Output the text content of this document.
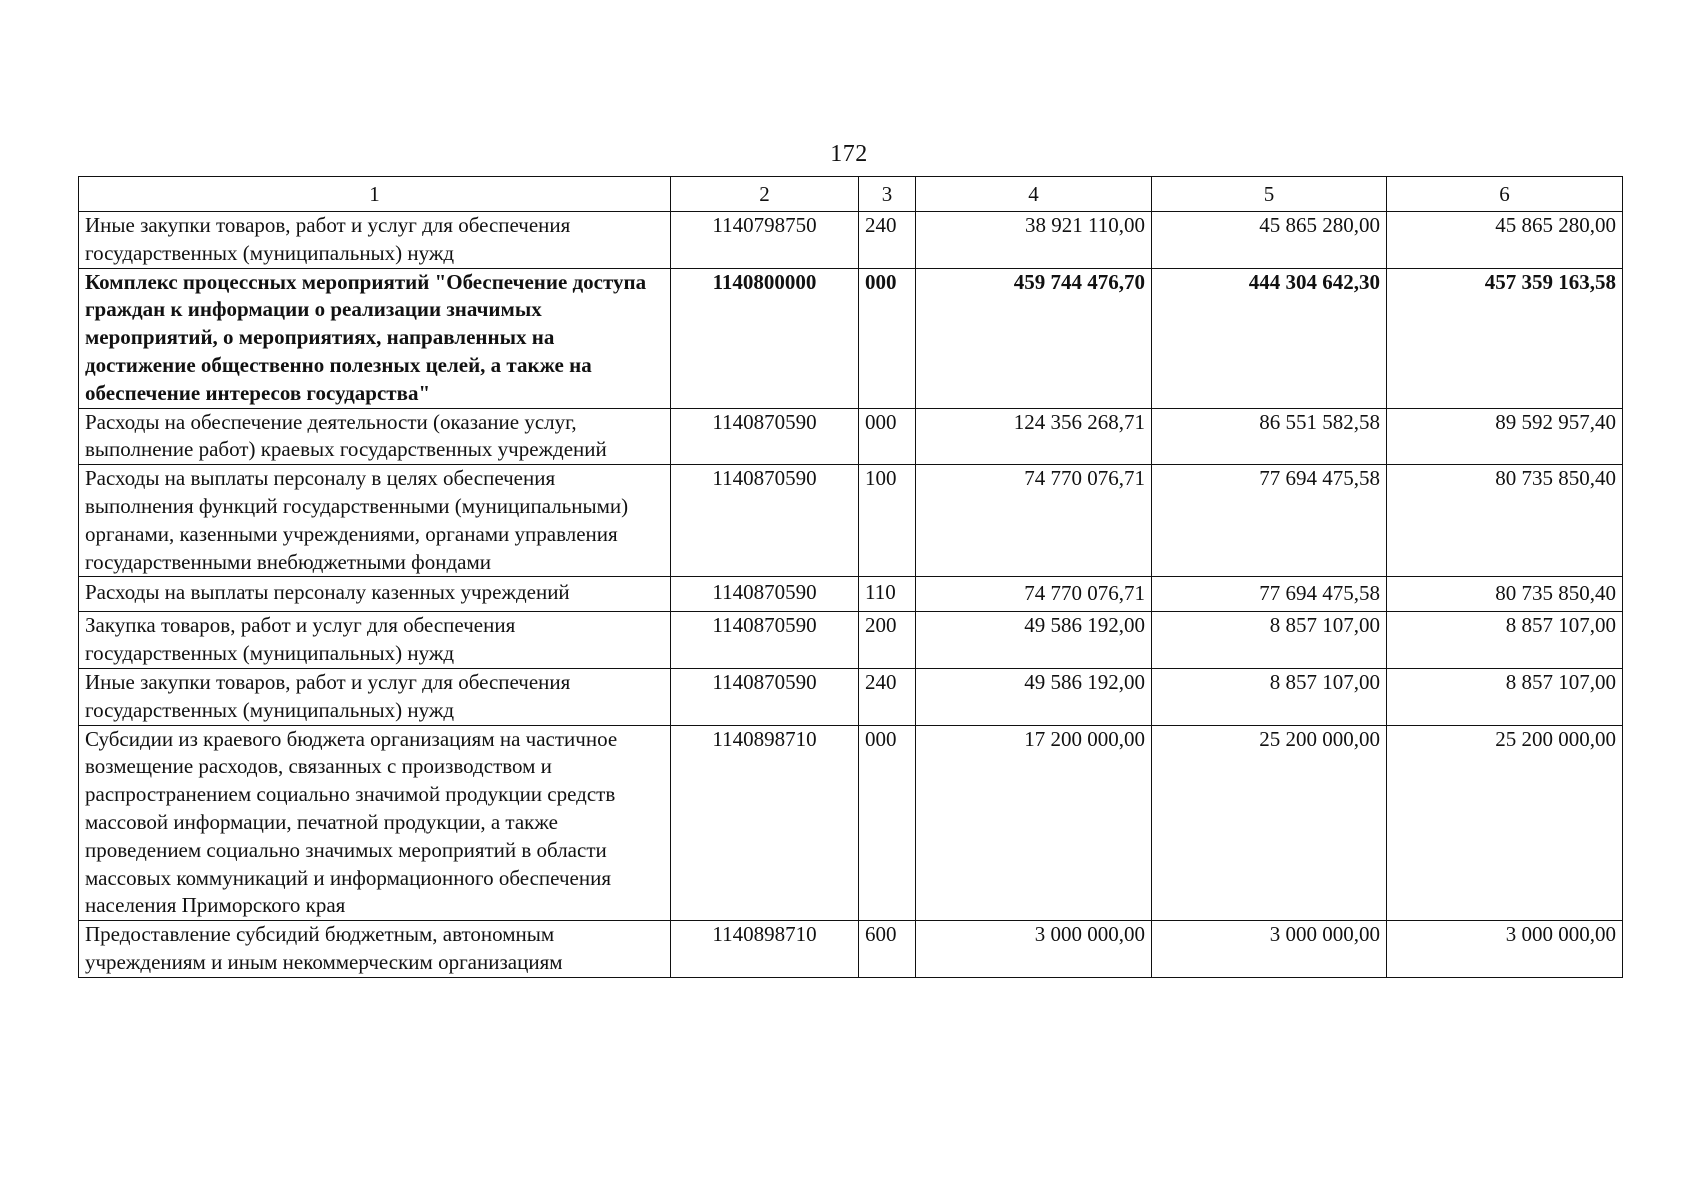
172
1	2	3	4	5	6
Иные закупки товаров, работ и услуг для обеспечения государственных (муниципальных) нужд	1140798750	240	38 921 110,00	45 865 280,00	45 865 280,00
Комплекс процессных мероприятий "Обеспечение доступа граждан к информации о реализации значимых мероприятий, о мероприятиях, направленных на достижение общественно полезных целей, а также на обеспечение интересов государства"	1140800000	000	459 744 476,70	444 304 642,30	457 359 163,58
Расходы на обеспечение деятельности (оказание услуг, выполнение работ) краевых государственных учреждений	1140870590	000	124 356 268,71	86 551 582,58	89 592 957,40
Расходы на выплаты персоналу в целях обеспечения выполнения функций государственными (муниципальными) органами, казенными учреждениями, органами управления государственными внебюджетными фондами	1140870590	100	74 770 076,71	77 694 475,58	80 735 850,40
Расходы на выплаты персоналу казенных учреждений	1140870590	110	74 770 076,71	77 694 475,58	80 735 850,40
Закупка товаров, работ и услуг для обеспечения государственных (муниципальных) нужд	1140870590	200	49 586 192,00	8 857 107,00	8 857 107,00
Иные закупки товаров, работ и услуг для обеспечения государственных (муниципальных) нужд	1140870590	240	49 586 192,00	8 857 107,00	8 857 107,00
Субсидии из краевого бюджета организациям на частичное возмещение расходов, связанных с производством и распространением социально значимой продукции средств массовой информации, печатной продукции, а также проведением социально значимых мероприятий в области массовых коммуникаций и информационного обеспечения населения Приморского края	1140898710	000	17 200 000,00	25 200 000,00	25 200 000,00
Предоставление субсидий бюджетным, автономным учреждениям и иным некоммерческим организациям	1140898710	600	3 000 000,00	3 000 000,00	3 000 000,00
